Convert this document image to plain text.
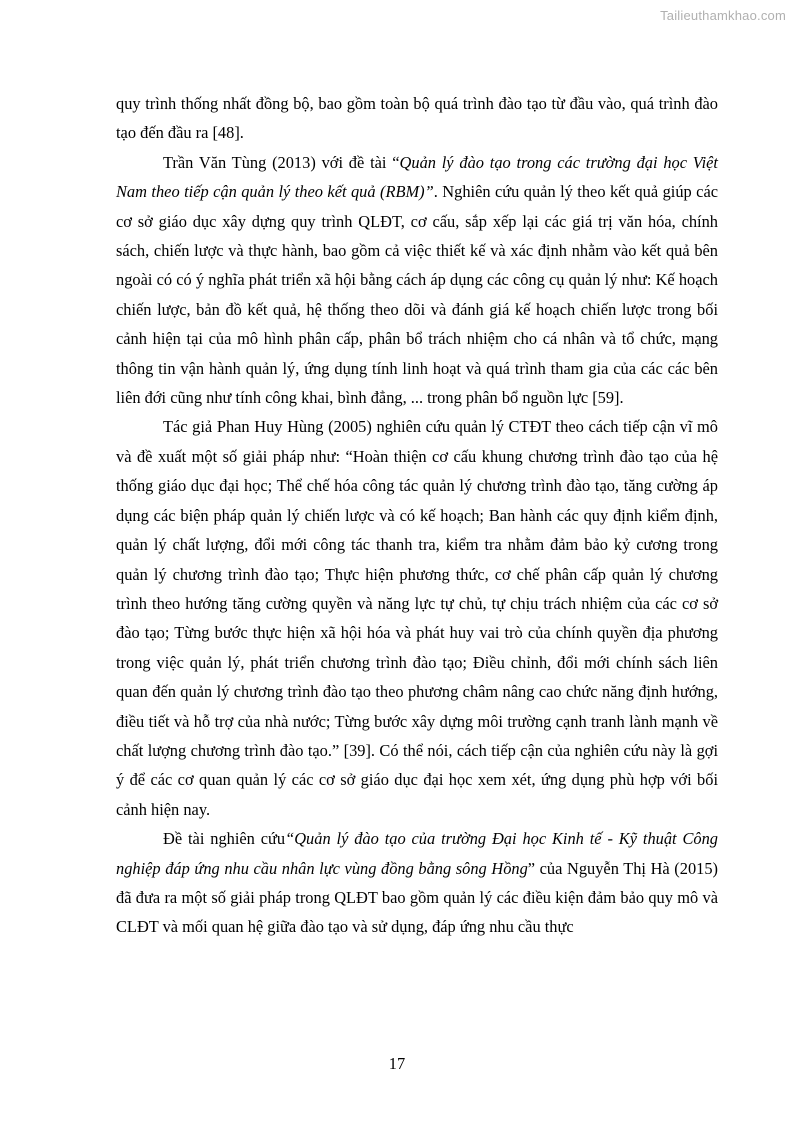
Tailieuthamkhao.com

quy trình thống nhất đồng bộ, bao gồm toàn bộ quá trình đào tạo từ đầu vào, quá trình đào tạo đến đầu ra [48].

Trần Văn Tùng (2013) với đề tài “Quản lý đào tạo trong các trường đại học Việt Nam theo tiếp cận quản lý theo kết quả (RBM)”. Nghiên cứu quản lý theo kết quả giúp các cơ sở giáo dục xây dựng quy trình QLĐT, cơ cấu, sắp xếp lại các giá trị văn hóa, chính sách, chiến lược và thực hành, bao gồm cả việc thiết kế và xác định nhằm vào kết quả bên ngoài có có ý nghĩa phát triển xã hội bằng cách áp dụng các công cụ quản lý như: Kế hoạch chiến lược, bản đồ kết quả, hệ thống theo dõi và đánh giá kế hoạch chiến lược trong bối cảnh hiện tại của mô hình phân cấp, phân bổ trách nhiệm cho cá nhân và tổ chức, mạng thông tin vận hành quản lý, ứng dụng tính linh hoạt và quá trình tham gia của các các bên liên đới cũng như tính công khai, bình đẳng, ... trong phân bổ nguồn lực [59].

Tác giả Phan Huy Hùng (2005) nghiên cứu quản lý CTĐT theo cách tiếp cận vĩ mô và đề xuất một số giải pháp như: “Hoàn thiện cơ cấu khung chương trình đào tạo của hệ thống giáo dục đại học; Thể chế hóa công tác quản lý chương trình đào tạo, tăng cường áp dụng các biện pháp quản lý chiến lược và có kế hoạch; Ban hành các quy định kiểm định, quản lý chất lượng, đổi mới công tác thanh tra, kiểm tra nhằm đảm bảo kỷ cương trong quản lý chương trình đào tạo; Thực hiện phương thức, cơ chế phân cấp quản lý chương trình theo hướng tăng cường quyền và năng lực tự chủ, tự chịu trách nhiệm của các cơ sở đào tạo; Từng bước thực hiện xã hội hóa và phát huy vai trò của chính quyền địa phương trong việc quản lý, phát triển chương trình đào tạo; Điều chỉnh, đổi mới chính sách liên quan đến quản lý chương trình đào tạo theo phương châm nâng cao chức năng định hướng, điều tiết và hỗ trợ của nhà nước; Từng bước xây dựng môi trường cạnh tranh lành mạnh về chất lượng chương trình đào tạo.” [39]. Có thể nói, cách tiếp cận của nghiên cứu này là gợi ý để các cơ quan quản lý các cơ sở giáo dục đại học xem xét, ứng dụng phù hợp với bối cảnh hiện nay.

Đề tài nghiên cứu“Quản lý đào tạo của trường Đại học Kinh tế - Kỹ thuật Công nghiệp đáp ứng nhu cầu nhân lực vùng đồng bằng sông Hồng” của Nguyễn Thị Hà (2015) đã đưa ra một số giải pháp trong QLĐT bao gồm quản lý các điều kiện đảm bảo quy mô và CLĐT và mối quan hệ giữa đào tạo và sử dụng, đáp ứng nhu cầu thực

17
